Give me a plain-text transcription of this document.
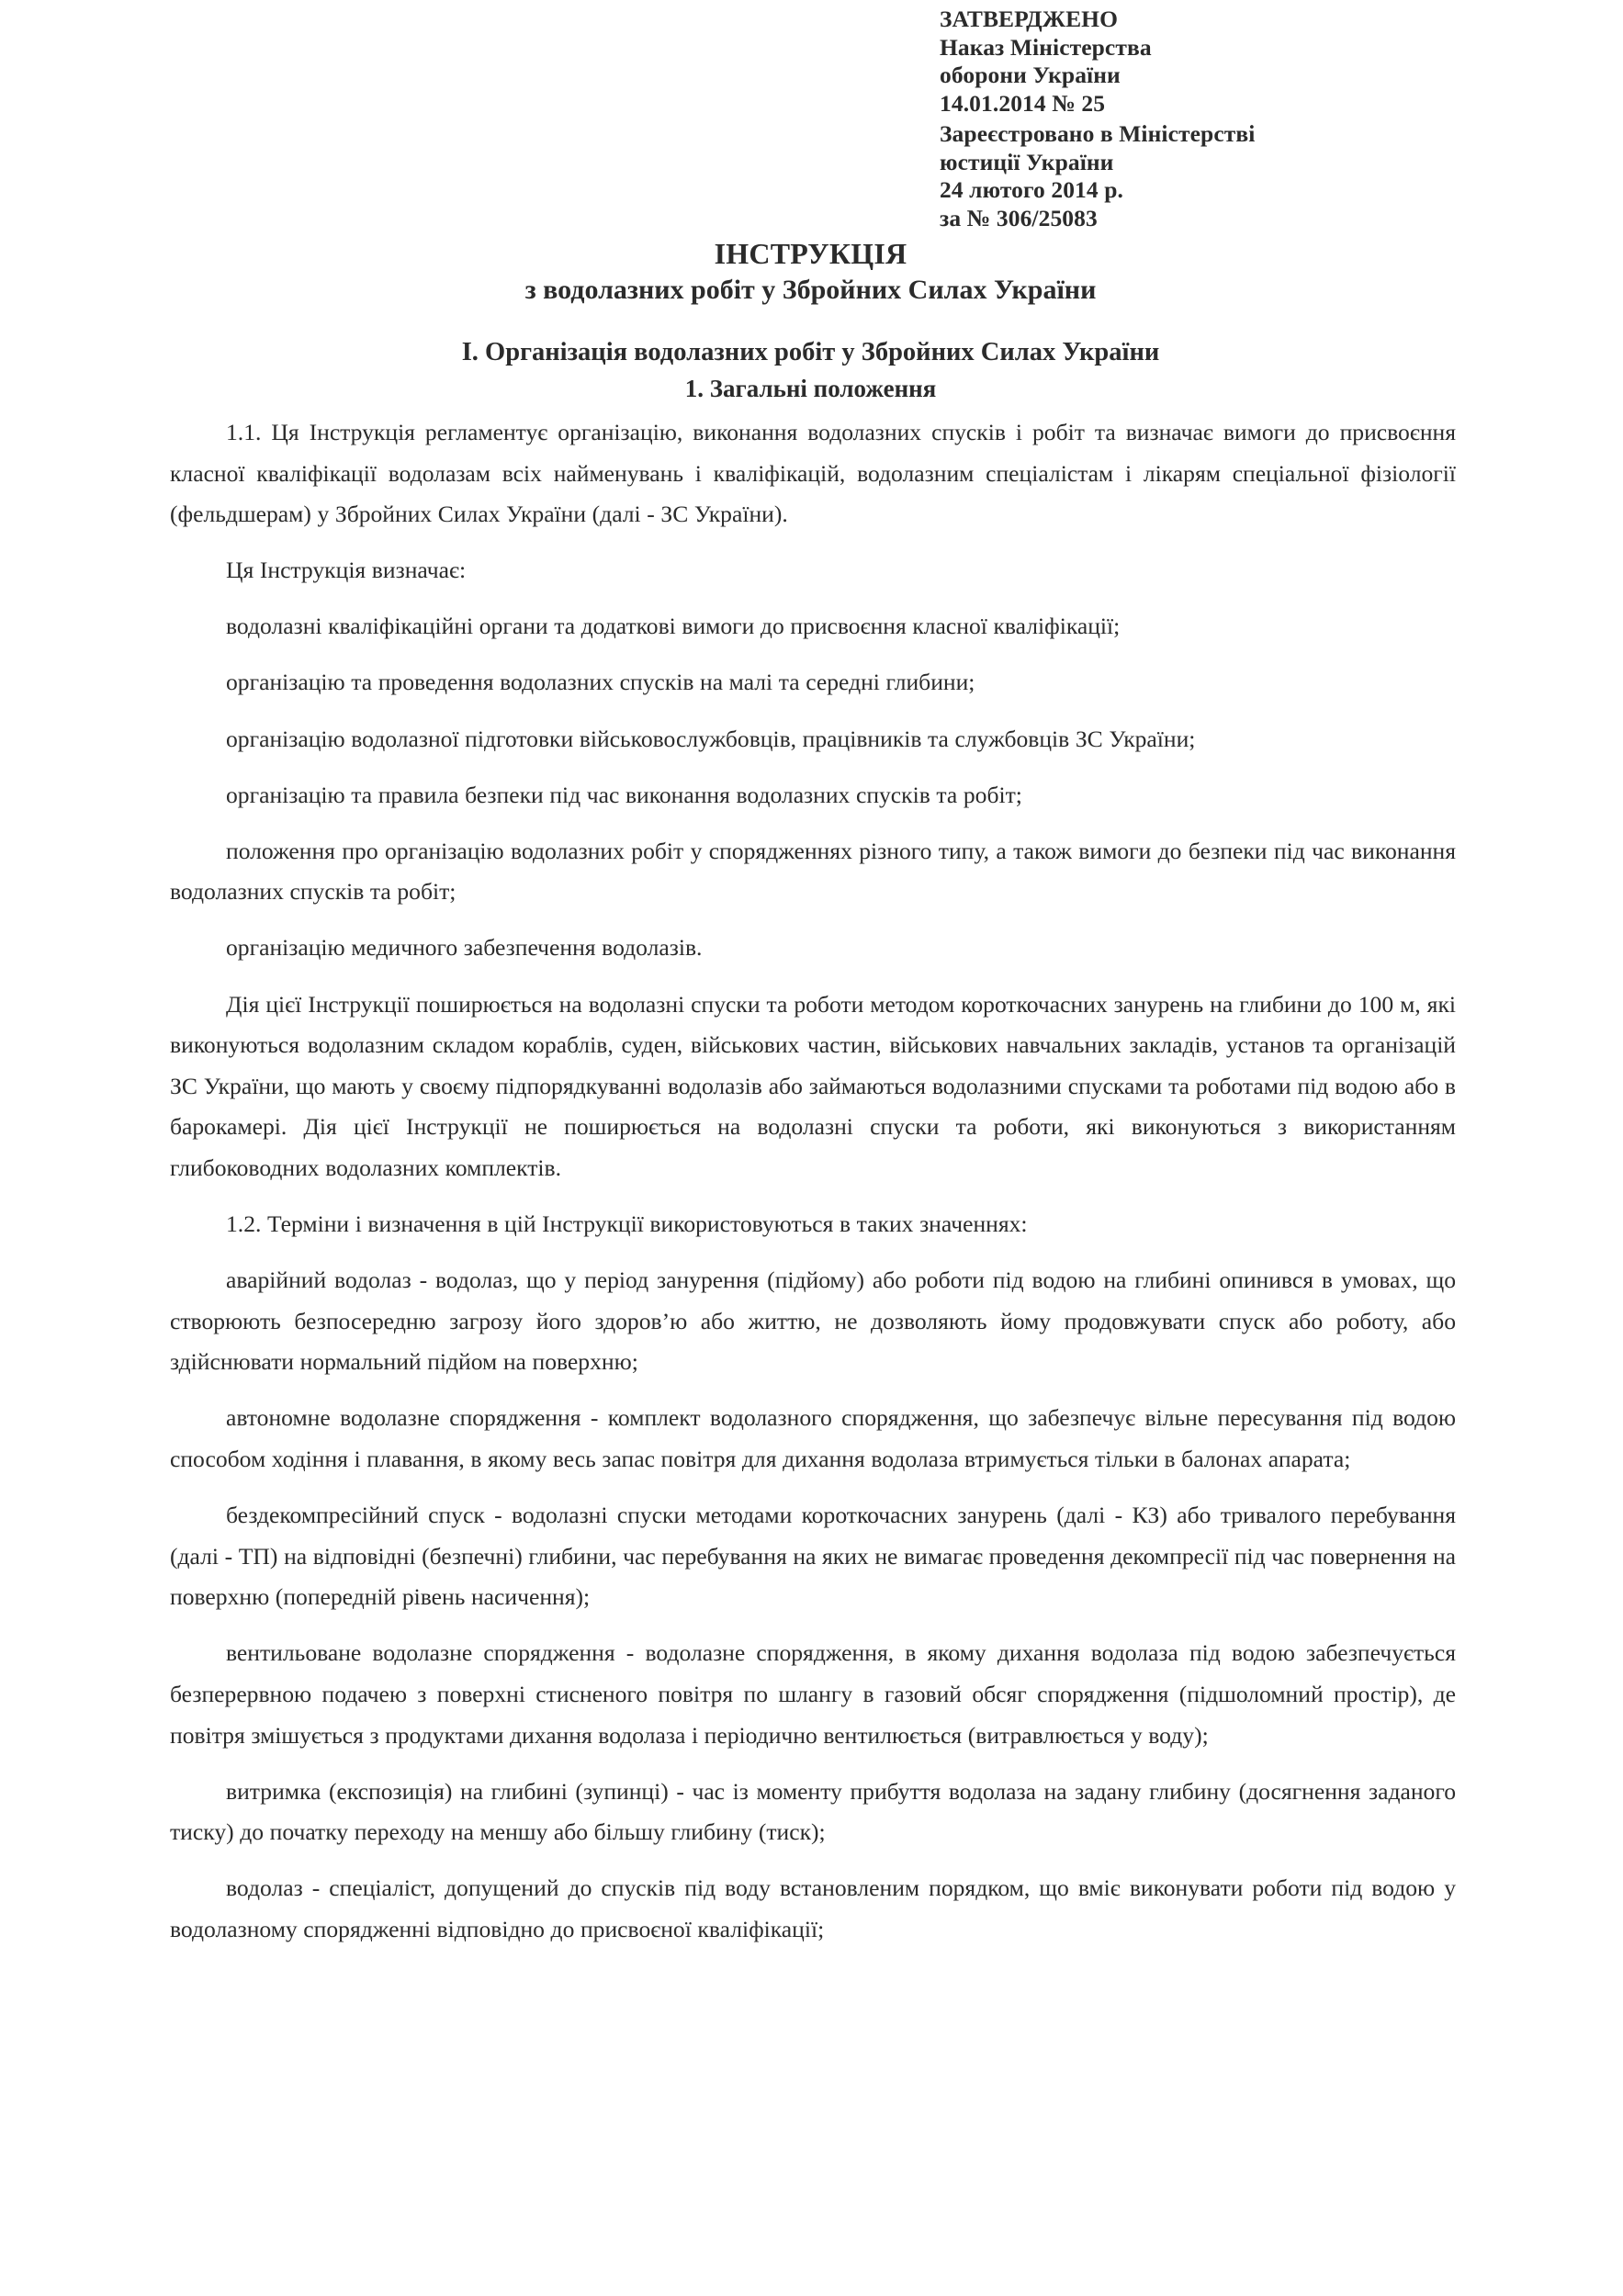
ЗАТВЕРДЖЕНО
Наказ Міністерства
оборони України
14.01.2014 № 25
Зареєстровано в Міністерстві
юстиції України
24 лютого 2014 р.
за № 306/25083
ІНСТРУКЦІЯ
з водолазних робіт у Збройних Силах України
І. Організація водолазних робіт у Збройних Силах України
1. Загальні положення

1.1. Ця Інструкція регламентує організацію, виконання водолазних спусків і робіт та визначає вимоги до присвоєння класної кваліфікації водолазам всіх найменувань і кваліфікацій, водолазним спеціалістам і лікарям спеціальної фізіології (фельдшерам) у Збройних Силах України (далі - ЗС України).

Ця Інструкція визначає:

водолазні кваліфікаційні органи та додаткові вимоги до присвоєння класної кваліфікації;

організацію та проведення водолазних спусків на малі та середні глибини;

організацію водолазної підготовки військовослужбовців, працівників та службовців ЗС України;

організацію та правила безпеки під час виконання водолазних спусків та робіт;

положення про організацію водолазних робіт у спорядженнях різного типу, а також вимоги до безпеки під час виконання водолазних спусків та робіт;

організацію медичного забезпечення водолазів.

Дія цієї Інструкції поширюється на водолазні спуски та роботи методом короткочасних занурень на глибини до 100 м, які виконуються водолазним складом кораблів, суден, військових частин, військових навчальних закладів, установ та організацій ЗС України, що мають у своєму підпорядкуванні водолазів або займаються водолазними спусками та роботами під водою або в барокамері. Дія цієї Інструкції не поширюється на водолазні спуски та роботи, які виконуються з використанням глибоководних водолазних комплектів.

1.2. Терміни і визначення в цій Інструкції використовуються в таких значеннях:

аварійний водолаз - водолаз, що у період занурення (підйому) або роботи під водою на глибині опинився в умовах, що створюють безпосередню загрозу його здоров’ю або життю, не дозволяють йому продовжувати спуск або роботу, або здійснювати нормальний підйом на поверхню;

автономне водолазне спорядження - комплект водолазного спорядження, що забезпечує вільне пересування під водою способом ходіння і плавання, в якому весь запас повітря для дихання водолаза втримується тільки в балонах апарата;

бездекомпресійний спуск - водолазні спуски методами короткочасних занурень (далі - КЗ) або тривалого перебування (далі - ТП) на відповідні (безпечні) глибини, час перебування на яких не вимагає проведення декомпресії під час повернення на поверхню (попередній рівень насичення);

вентильоване водолазне спорядження - водолазне спорядження, в якому дихання водолаза під водою забезпечується безперервною подачею з поверхні стисненого повітря по шлангу в газовий обсяг спорядження (підшоломний простір), де повітря змішується з продуктами дихання водолаза і періодично вентилюється (витравлюється у воду);

витримка (експозиція) на глибині (зупинці) - час із моменту прибуття водолаза на задану глибину (досягнення заданого тиску) до початку переходу на меншу або більшу глибину (тиск);

водолаз - спеціаліст, допущений до спусків під воду встановленим порядком, що вміє виконувати роботи під водою у водолазному спорядженні відповідно до присвоєної кваліфікації;
